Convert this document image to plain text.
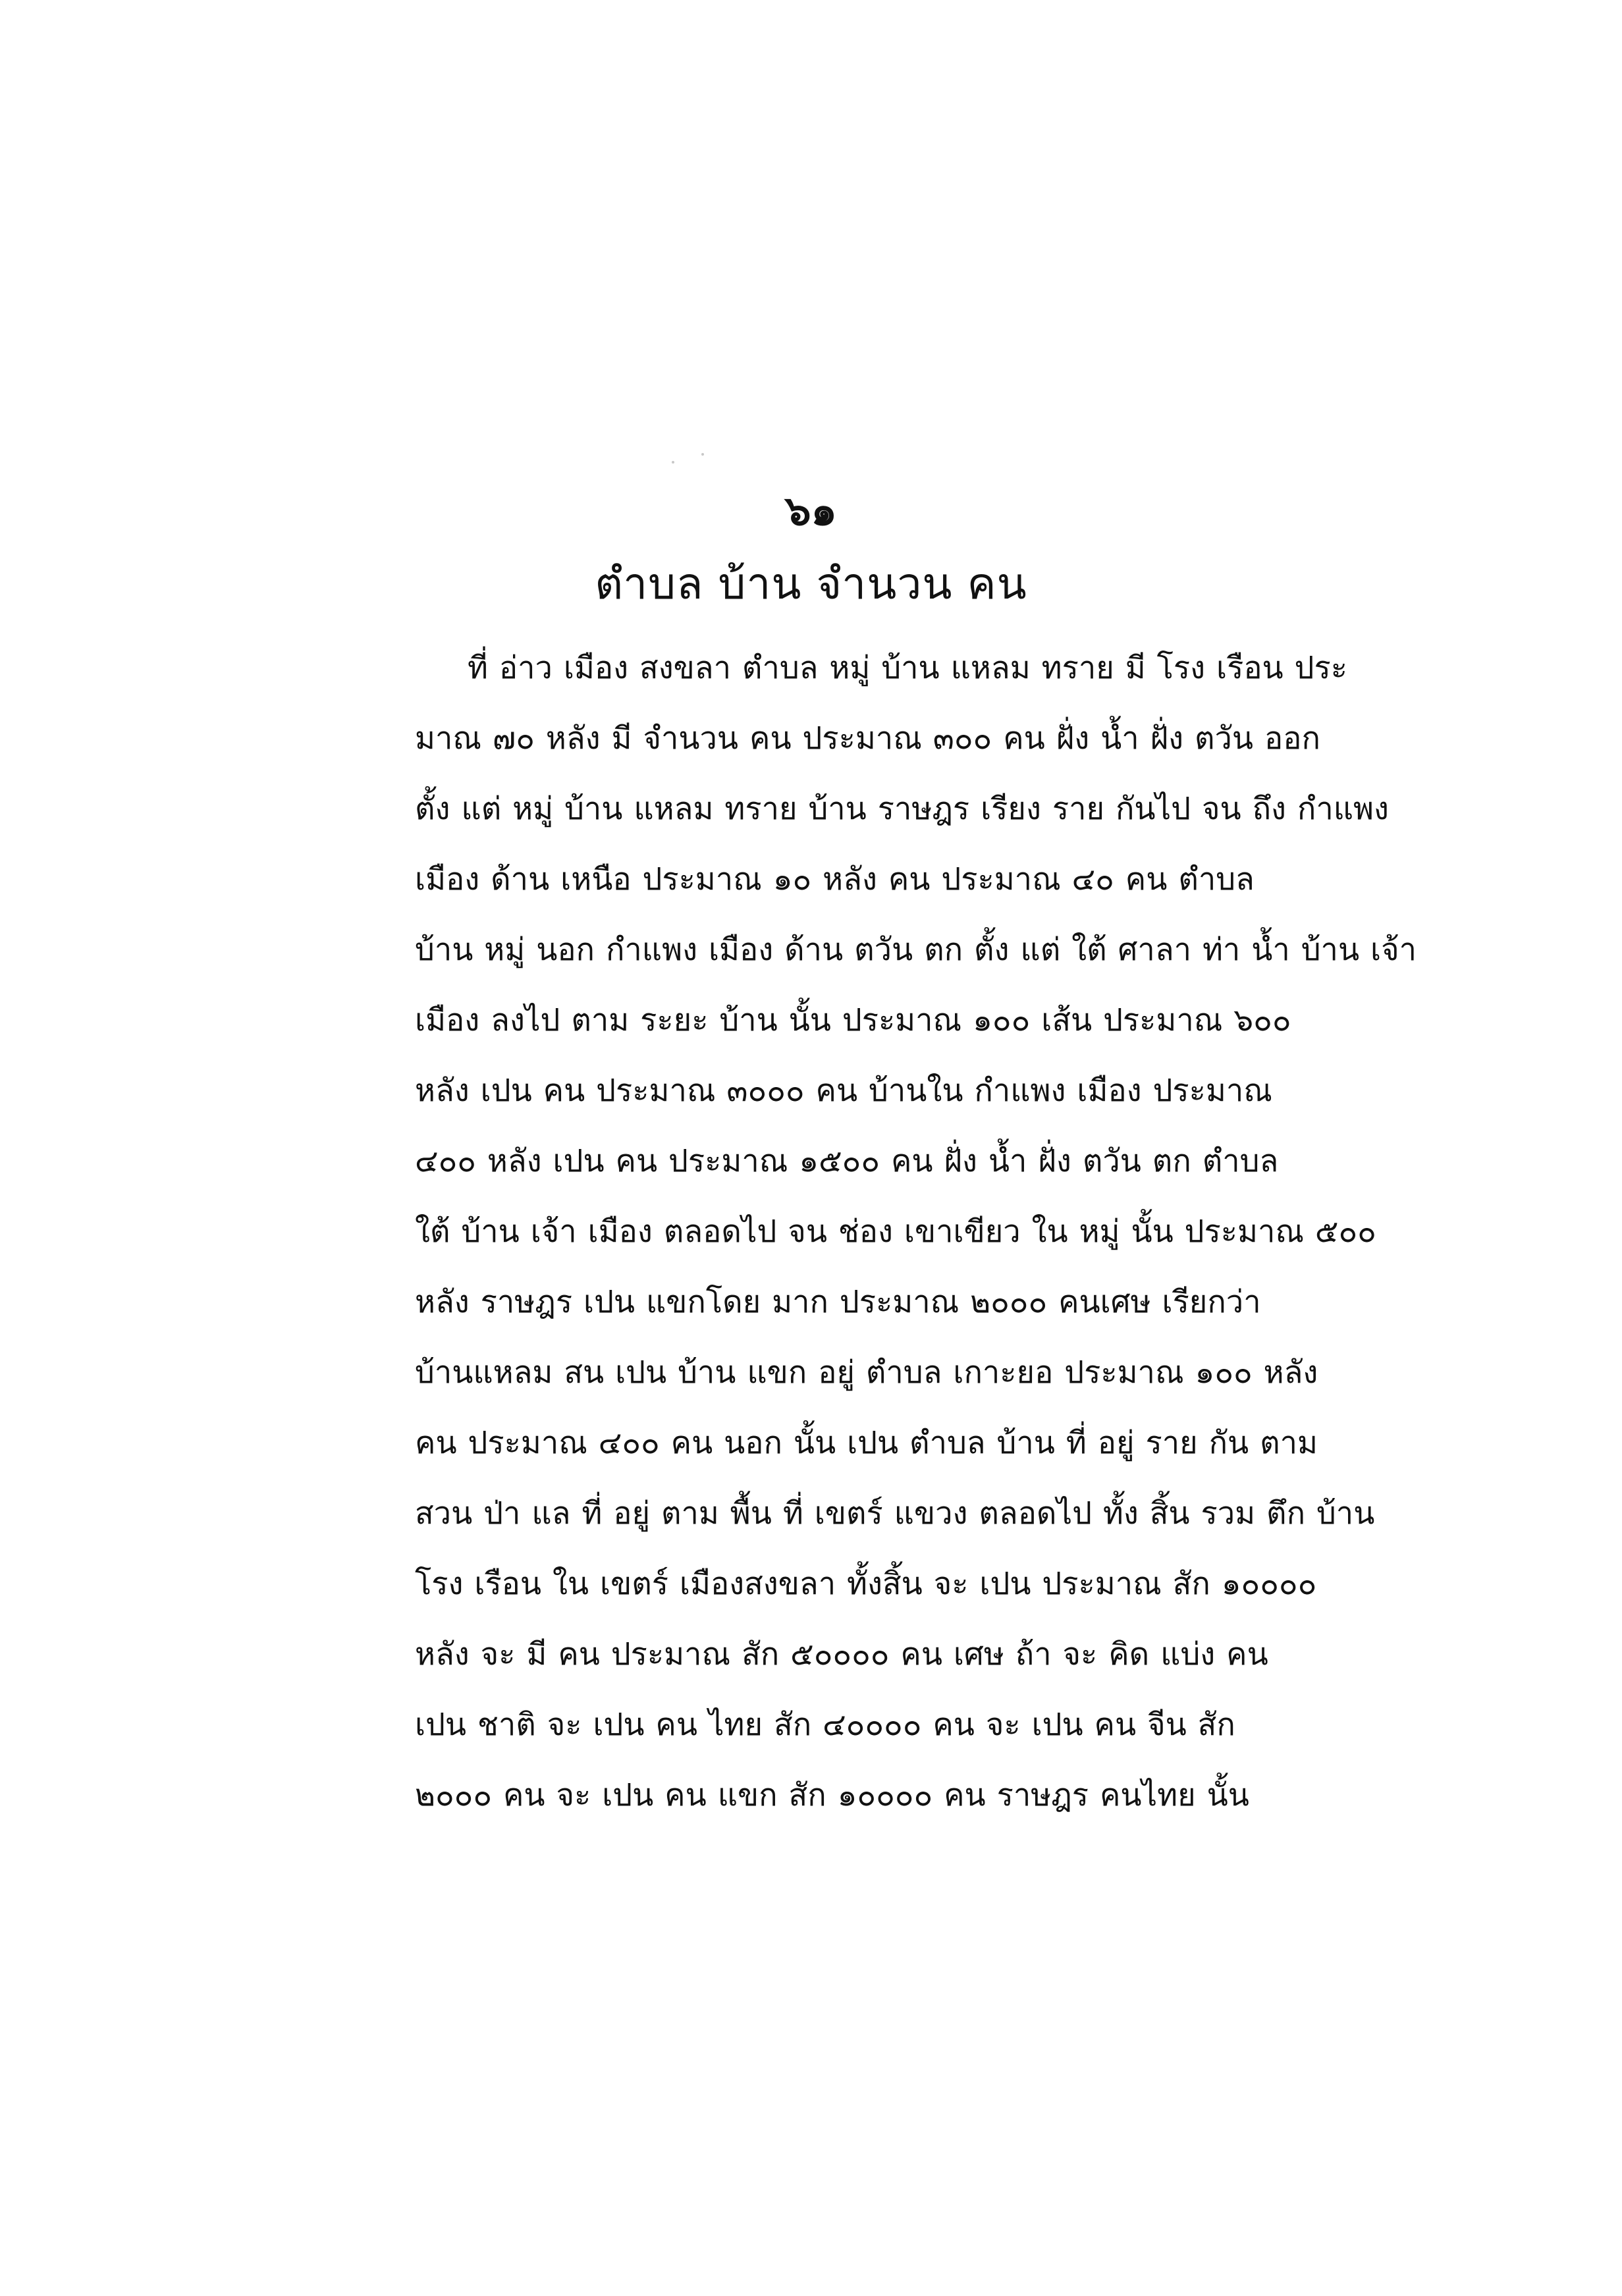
๖๑
ตำบล บ้าน จำนวน คน
ที่ อ่าว เมือง สงขลา ตำบล หมู่ บ้าน แหลม ทราย มี โรง เรือน ประ
มาณ ๗๐ หลัง มี จำนวน คน ประมาณ ๓๐๐ คน ฝั่ง น้ำ ฝั่ง ตวัน ออก
ตั้ง แต่ หมู่ บ้าน แหลม ทราย บ้าน ราษฎร เรียง ราย กันไป จน ถึง กำแพง
เมือง ด้าน เหนือ ประมาณ ๑๐ หลัง คน ประมาณ ๔๐ คน ตำบล
บ้าน หมู่ นอก กำแพง เมือง ด้าน ตวัน ตก ตั้ง แต่ ใต้ ศาลา ท่า น้ำ บ้าน เจ้า
เมือง ลงไป ตาม ระยะ บ้าน นั้น ประมาณ ๑๐๐ เส้น ประมาณ ๖๐๐
หลัง เปน คน ประมาณ ๓๐๐๐ คน บ้านใน กำแพง เมือง ประมาณ
๔๐๐ หลัง เปน คน ประมาณ ๑๕๐๐ คน ฝั่ง น้ำ ฝั่ง ตวัน ตก ตำบล
ใต้ บ้าน เจ้า เมือง ตลอดไป จน ช่อง เขาเขียว ใน หมู่ นั้น ประมาณ ๕๐๐
หลัง ราษฎร เปน แขกโดย มาก ประมาณ ๒๐๐๐ คนเศษ เรียกว่า
บ้านแหลม สน เปน บ้าน แขก อยู่ ตำบล เกาะยอ ประมาณ ๑๐๐ หลัง
คน ประมาณ ๔๐๐ คน นอก นั้น เปน ตำบล บ้าน ที่ อยู่ ราย กัน ตาม
สวน ป่า แล ที่ อยู่ ตาม พื้น ที่ เขตร์ แขวง ตลอดไป ทั้ง สิ้น รวม ตึก บ้าน
โรง เรือน ใน เขตร์ เมืองสงขลา ทั้งสิ้น จะ เปน ประมาณ สัก ๑๐๐๐๐
หลัง จะ มี คน ประมาณ สัก ๕๐๐๐๐ คน เศษ ถ้า จะ คิด แบ่ง คน
เปน ชาติ จะ เปน คน ไทย สัก ๔๐๐๐๐ คน จะ เปน คน จีน สัก
๒๐๐๐ คน จะ เปน คน แขก สัก ๑๐๐๐๐ คน ราษฎร คนไทย นั้น
